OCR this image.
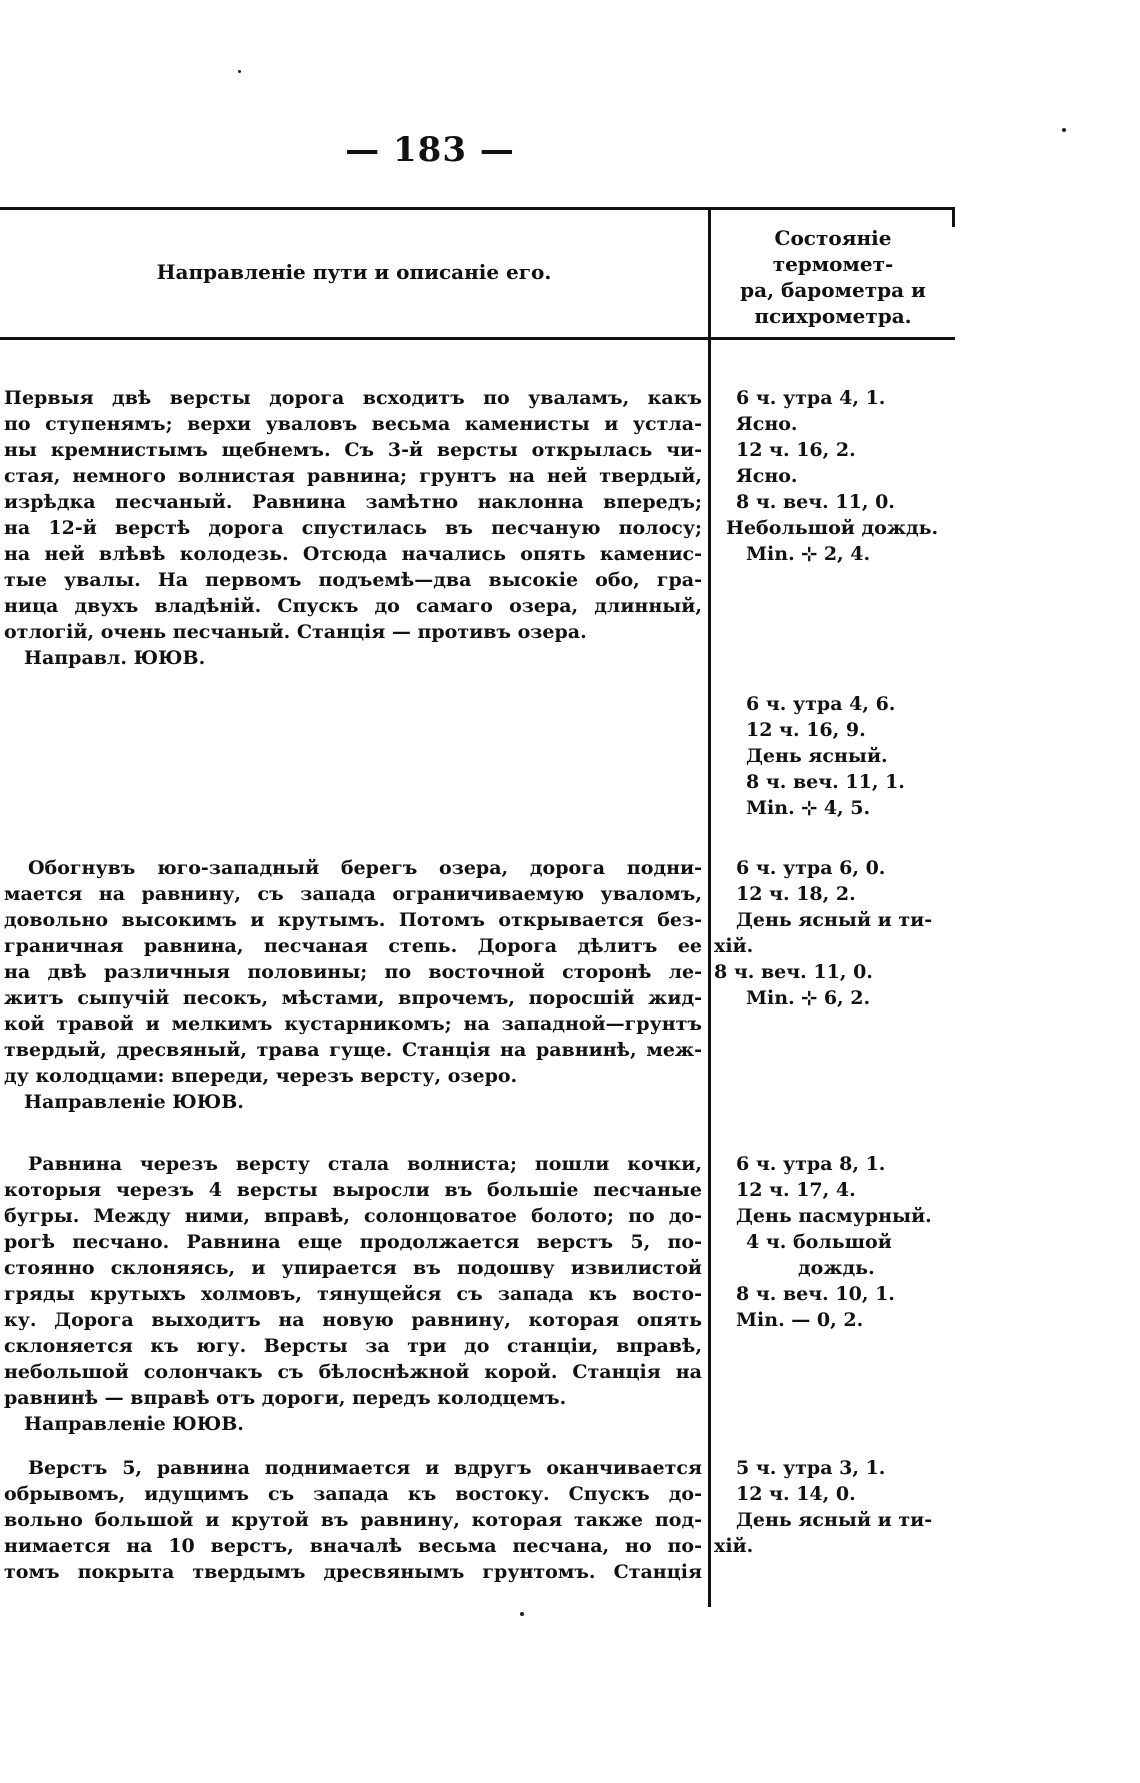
— 183 —
Направленіе пути и описаніе его.
Состояніе термомет-
ра, барометра и
психрометра.
Первыя двѣ версты дорога всходитъ по уваламъ, какъ
по ступенямъ; верхи уваловъ весьма каменисты и устла-
ны кремнистымъ щебнемъ. Съ 3-й версты открылась чи-
стая, немного волнистая равнина; грунтъ на ней твердый,
изрѣдка песчаный. Равнина замѣтно наклонна впередъ;
на 12-й верстѣ дорога спустилась въ песчаную полосу;
на ней влѣвѣ колодезь. Отсюда начались опять каменис-
тые увалы. На первомъ подъемѣ—два высокіе обо, гра-
ница двухъ владѣній. Спускъ до самаго озера, длинный,
отлогій, очень песчаный. Станція — противъ озера.
Направл. ЮЮВ.
6 ч. утра 4, 1.
Ясно.
12 ч. 16, 2.
Ясно.
8 ч. веч. 11, 0.
Небольшой дождь.
Min. ⊹ 2, 4.
6 ч. утра 4, 6.
12 ч. 16, 9.
День ясный.
8 ч. веч. 11, 1.
Min. ⊹ 4, 5.
Обогнувъ юго-западный берегъ озера, дорога подни-
мается на равнину, съ запада ограничиваемую уваломъ,
довольно высокимъ и крутымъ. Потомъ открывается без-
граничная равнина, песчаная степь. Дорога дѣлитъ ее
на двѣ различныя половины; по восточной сторонѣ ле-
житъ сыпучій песокъ, мѣстами, впрочемъ, поросшій жид-
кой травой и мелкимъ кустарникомъ; на западной—грунтъ
твердый, дресвяный, трава гуще. Станція на равнинѣ, меж-
ду колодцами: впереди, черезъ версту, озеро.
Направленіе ЮЮВ.
6 ч. утра 6, 0.
12 ч. 18, 2.
День ясный и ти-
хій.
8 ч. веч. 11, 0.
Min. ⊹ 6, 2.
Равнина черезъ версту стала волниста; пошли кочки,
которыя черезъ 4 версты выросли въ большіе песчаные
бугры. Между ними, вправѣ, солонцоватое болото; по до-
рогѣ песчано. Равнина еще продолжается верстъ 5, по-
стоянно склоняясь, и упирается въ подошву извилистой
гряды крутыхъ холмовъ, тянущейся съ запада къ восто-
ку. Дорога выходитъ на новую равнину, которая опять
склоняется къ югу. Версты за три до станціи, вправѣ,
небольшой солончакъ съ бѣлоснѣжной корой. Станція на
равнинѣ — вправѣ отъ дороги, передъ колодцемъ.
Направленіе ЮЮВ.
6 ч. утра 8, 1.
12 ч. 17, 4.
День пасмурный.
4 ч. большой
дождь.
8 ч. веч. 10, 1.
Min. — 0, 2.
Верстъ 5, равнина поднимается и вдругъ оканчивается
обрывомъ, идущимъ съ запада къ востоку. Спускъ до-
вольно большой и крутой въ равнину, которая также под-
нимается на 10 верстъ, вначалѣ весьма песчана, но по-
томъ покрыта твердымъ дресвянымъ грунтомъ. Станція
5 ч. утра 3, 1.
12 ч. 14, 0.
День ясный и ти-
хій.
